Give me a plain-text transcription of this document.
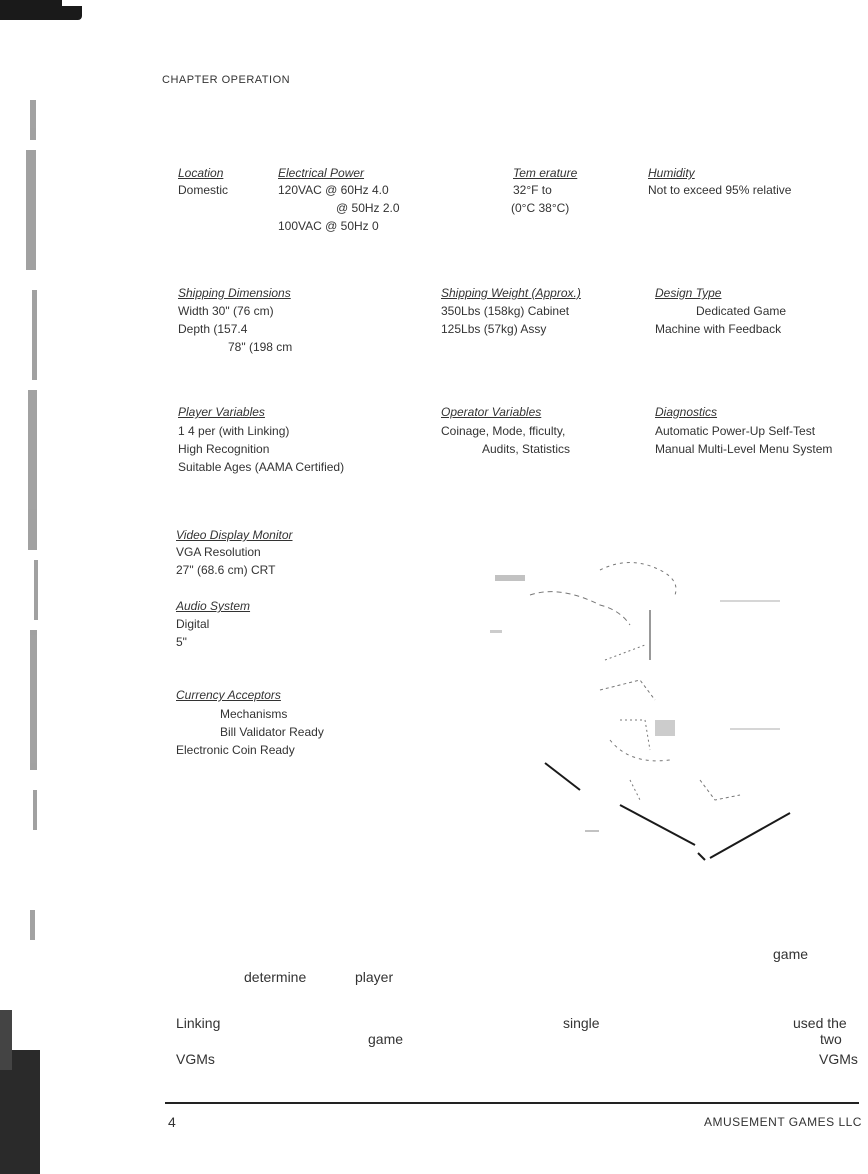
CHAPTER OPERATION
Location
Domestic
Electrical Power
120VAC @ 60Hz 4.0
@ 50Hz 2.0
100VAC @ 50Hz 0
Tem erature
32°F to
(0°C 38°C)
Humidity
Not to exceed 95% relative
Shipping Dimensions
Width 30" (76 cm)
Depth (157.4
78" (198 cm
Shipping Weight (Approx.)
350Lbs (158kg) Cabinet
125Lbs (57kg) Assy
Design Type
Dedicated Game
Machine with Feedback
Player Variables
1 4 per (with Linking)
High Recognition
Suitable Ages (AAMA Certified)
Operator Variables
Coinage, Mode, fficulty,
Audits, Statistics
Diagnostics
Automatic Power-Up Self-Test
Manual Multi-Level Menu System
Video Display Monitor
VGA Resolution
27" (68.6 cm) CRT
Audio System
Digital
5"
Currency Acceptors
Mechanisms
Bill Validator Ready
Electronic Coin Ready
game
determine	player
Linking	single	used the
game	two
VGMs	VGMs
4	AMUSEMENT GAMES LLC
